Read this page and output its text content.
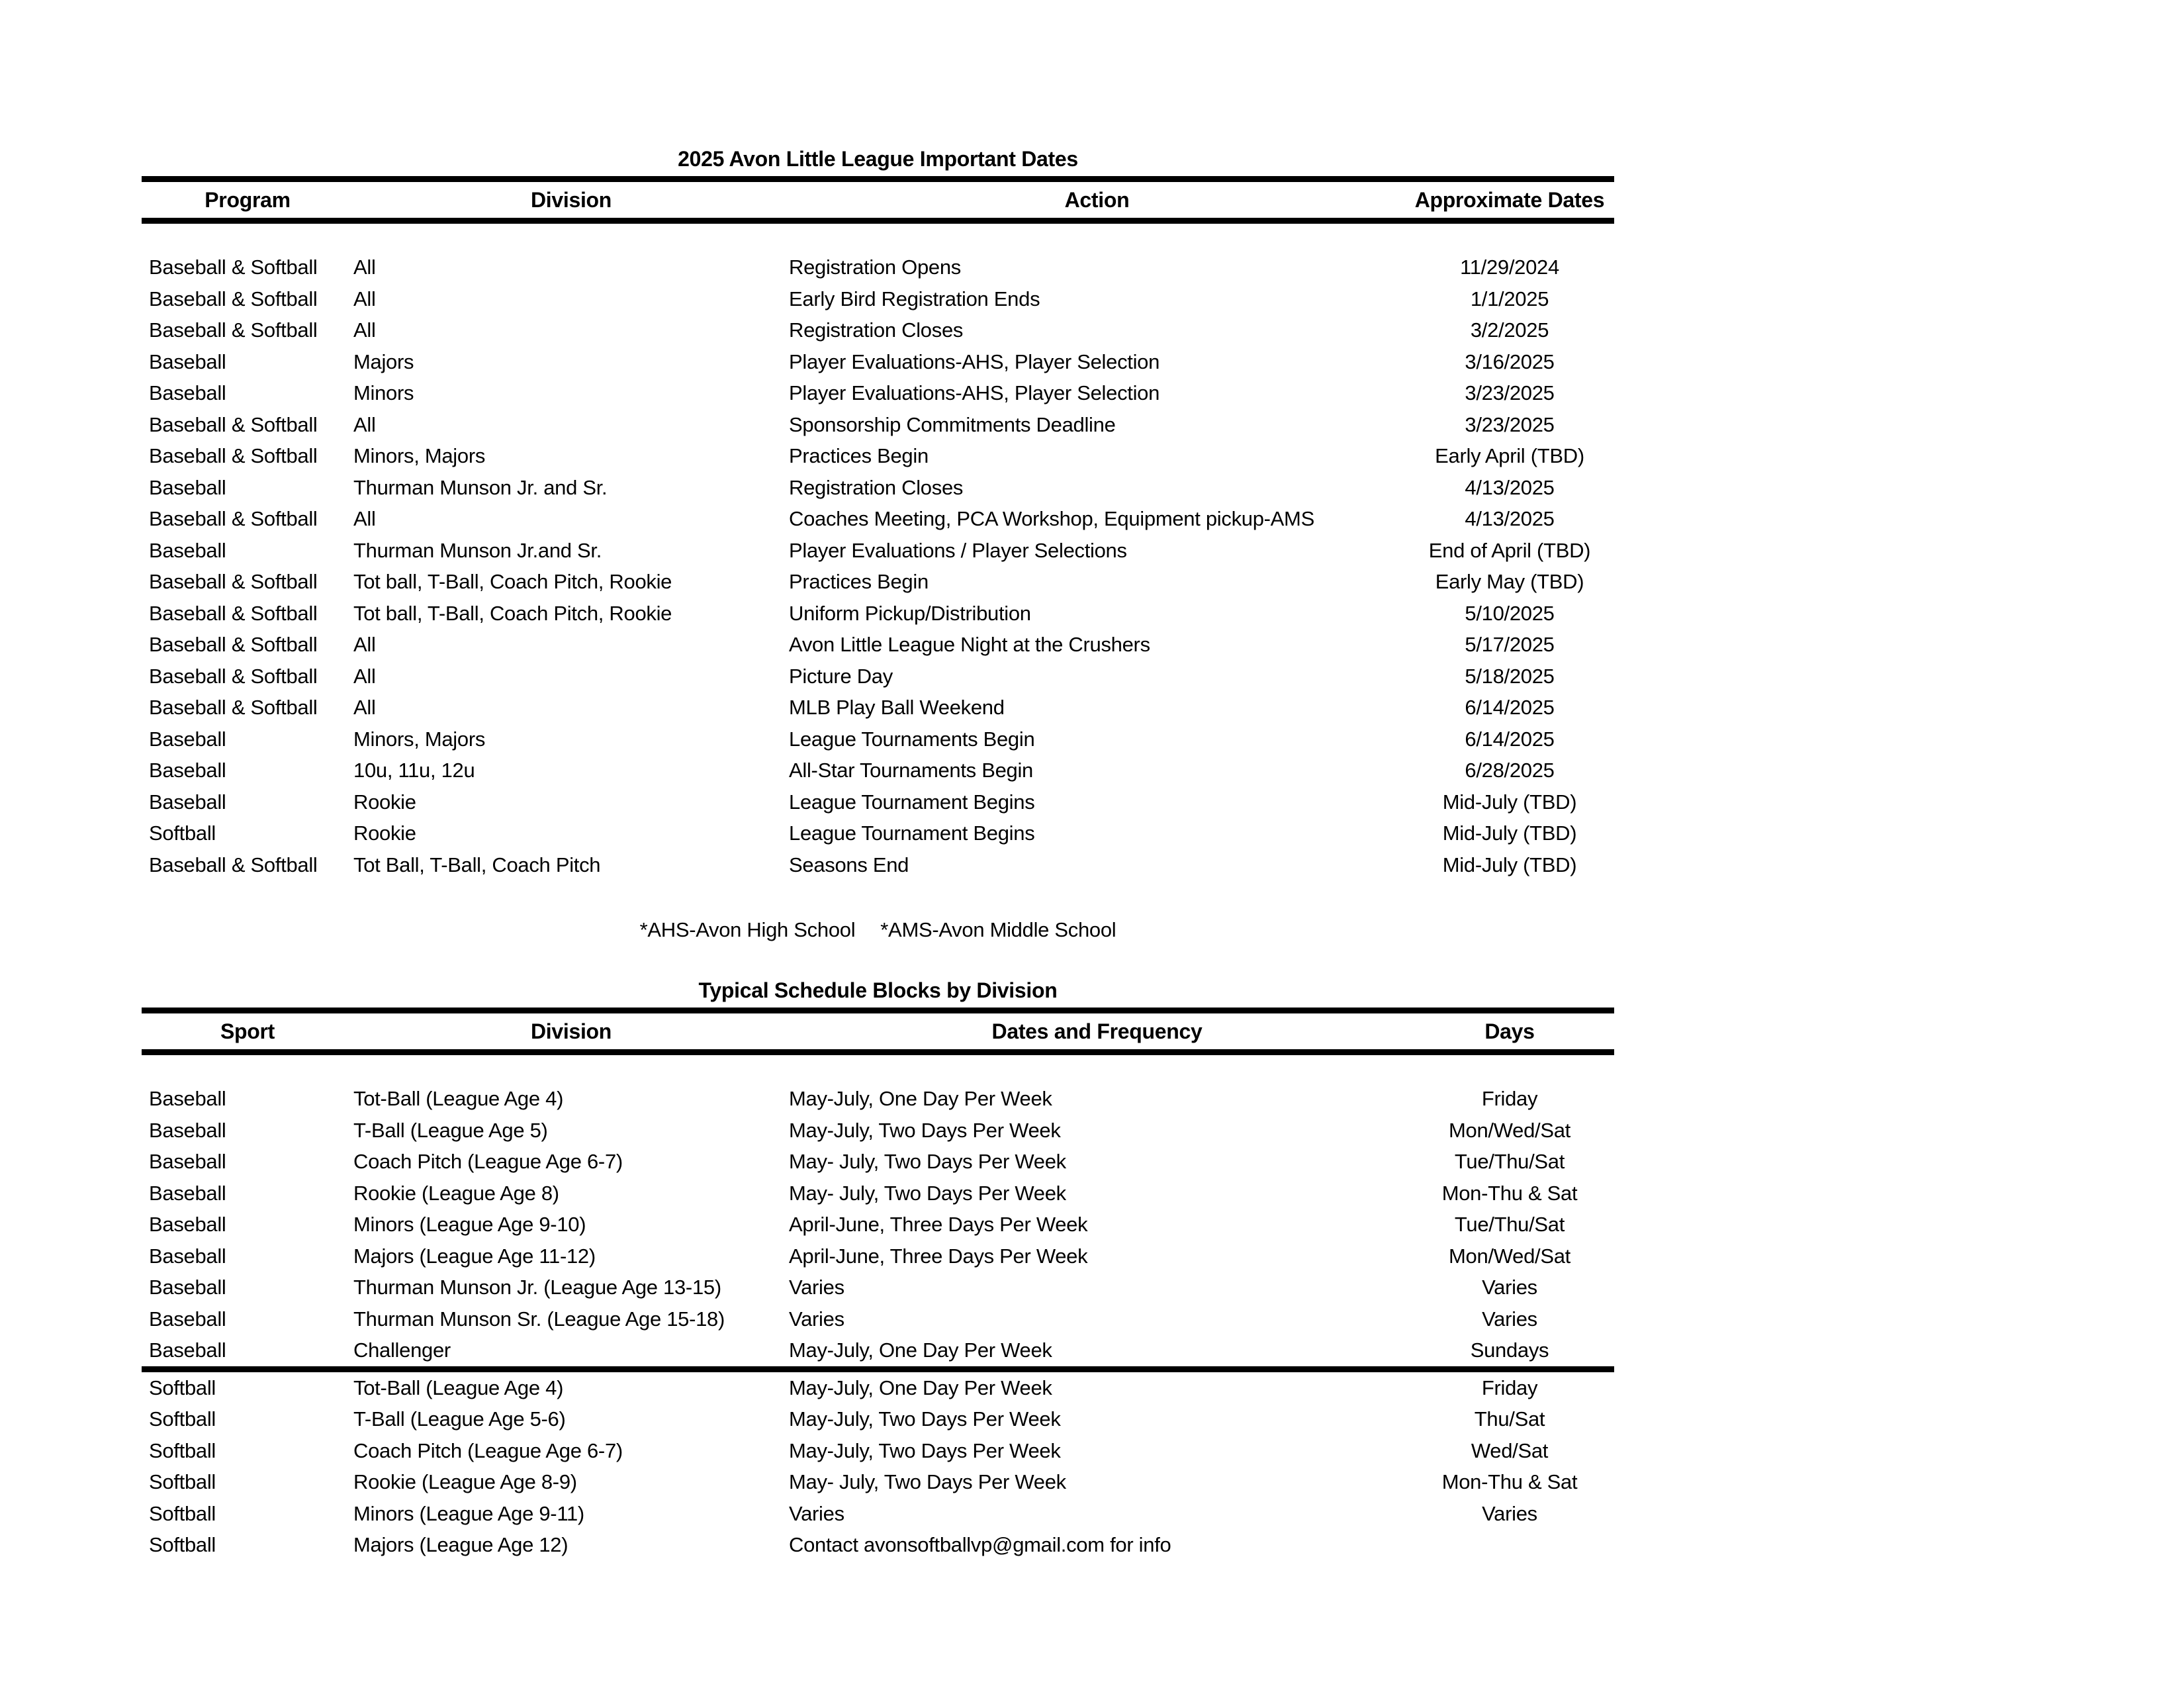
2025 Avon Little League Important Dates
Program	Division	Action	Approximate Dates
Baseball & Softball	All	Registration Opens	11/29/2024
Baseball & Softball	All	Early Bird Registration Ends	1/1/2025
Baseball & Softball	All	Registration Closes	3/2/2025
Baseball	Majors	Player Evaluations-AHS, Player Selection	3/16/2025
Baseball	Minors	Player Evaluations-AHS, Player Selection	3/23/2025
Baseball & Softball	All	Sponsorship Commitments Deadline	3/23/2025
Baseball & Softball	Minors, Majors	Practices Begin	Early April (TBD)
Baseball	Thurman Munson Jr. and Sr.	Registration Closes	4/13/2025
Baseball & Softball	All	Coaches Meeting, PCA Workshop, Equipment pickup-AMS	4/13/2025
Baseball	Thurman Munson Jr.and Sr.	Player Evaluations / Player Selections	End of April (TBD)
Baseball & Softball	Tot ball, T-Ball, Coach Pitch, Rookie	Practices Begin	Early May (TBD)
Baseball & Softball	Tot ball, T-Ball, Coach Pitch, Rookie	Uniform Pickup/Distribution	5/10/2025
Baseball & Softball	All	Avon Little League Night at the Crushers	5/17/2025
Baseball & Softball	All	Picture Day	5/18/2025
Baseball & Softball	All	MLB Play Ball Weekend	6/14/2025
Baseball	Minors, Majors	League Tournaments Begin	6/14/2025
Baseball	10u, 11u, 12u	All-Star Tournaments Begin	6/28/2025
Baseball	Rookie	League Tournament Begins	Mid-July (TBD)
Softball	Rookie	League Tournament Begins	Mid-July (TBD)
Baseball & Softball	Tot Ball, T-Ball, Coach Pitch	Seasons End	Mid-July (TBD)
*AHS-Avon High School *AMS-Avon Middle School
Typical Schedule Blocks by Division
Sport	Division	Dates and Frequency	Days
Baseball	Tot-Ball (League Age 4)	May-July, One Day Per Week	Friday
Baseball	T-Ball (League Age 5)	May-July, Two Days Per Week	Mon/Wed/Sat
Baseball	Coach Pitch (League Age 6-7)	May- July, Two Days Per Week	Tue/Thu/Sat
Baseball	Rookie (League Age 8)	May- July, Two Days Per Week	Mon-Thu & Sat
Baseball	Minors (League Age 9-10)	April-June, Three Days Per Week	Tue/Thu/Sat
Baseball	Majors (League Age 11-12)	April-June, Three Days Per Week	Mon/Wed/Sat
Baseball	Thurman Munson Jr. (League Age 13-15)	Varies	Varies
Baseball	Thurman Munson Sr. (League Age 15-18)	Varies	Varies
Baseball	Challenger	May-July, One Day Per Week	Sundays
Softball	Tot-Ball (League Age 4)	May-July, One Day Per Week	Friday
Softball	T-Ball (League Age 5-6)	May-July, Two Days Per Week	Thu/Sat
Softball	Coach Pitch (League Age 6-7)	May-July, Two Days Per Week	Wed/Sat
Softball	Rookie (League Age 8-9)	May- July, Two Days Per Week	Mon-Thu & Sat
Softball	Minors (League Age 9-11)	Varies	Varies
Softball	Majors (League Age 12)	Contact avonsoftballvp@gmail.com for info	
